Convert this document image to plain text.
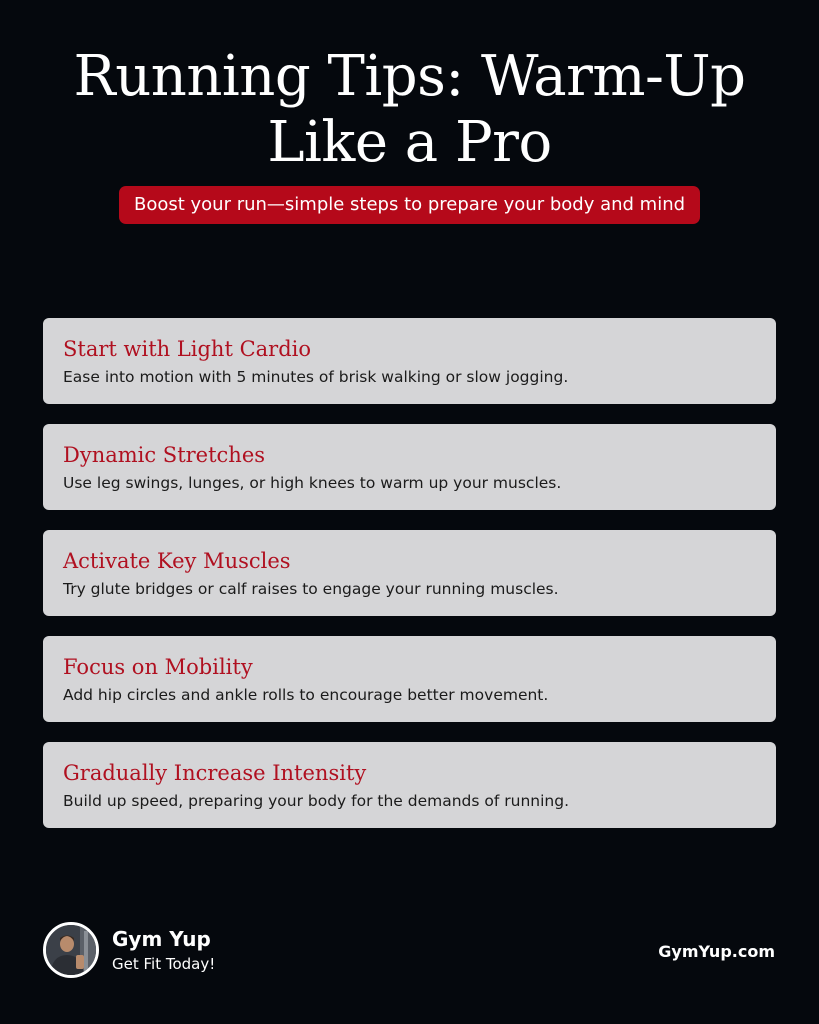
Running Tips: Warm-Up
Like a Pro
Boost your run—simple steps to prepare your body and mind
Start with Light Cardio
Ease into motion with 5 minutes of brisk walking or slow jogging.
Dynamic Stretches
Use leg swings, lunges, or high knees to warm up your muscles.
Activate Key Muscles
Try glute bridges or calf raises to engage your running muscles.
Focus on Mobility
Add hip circles and ankle rolls to encourage better movement.
Gradually Increase Intensity
Build up speed, preparing your body for the demands of running.
Gym Yup
Get Fit Today!
GymYup.com
